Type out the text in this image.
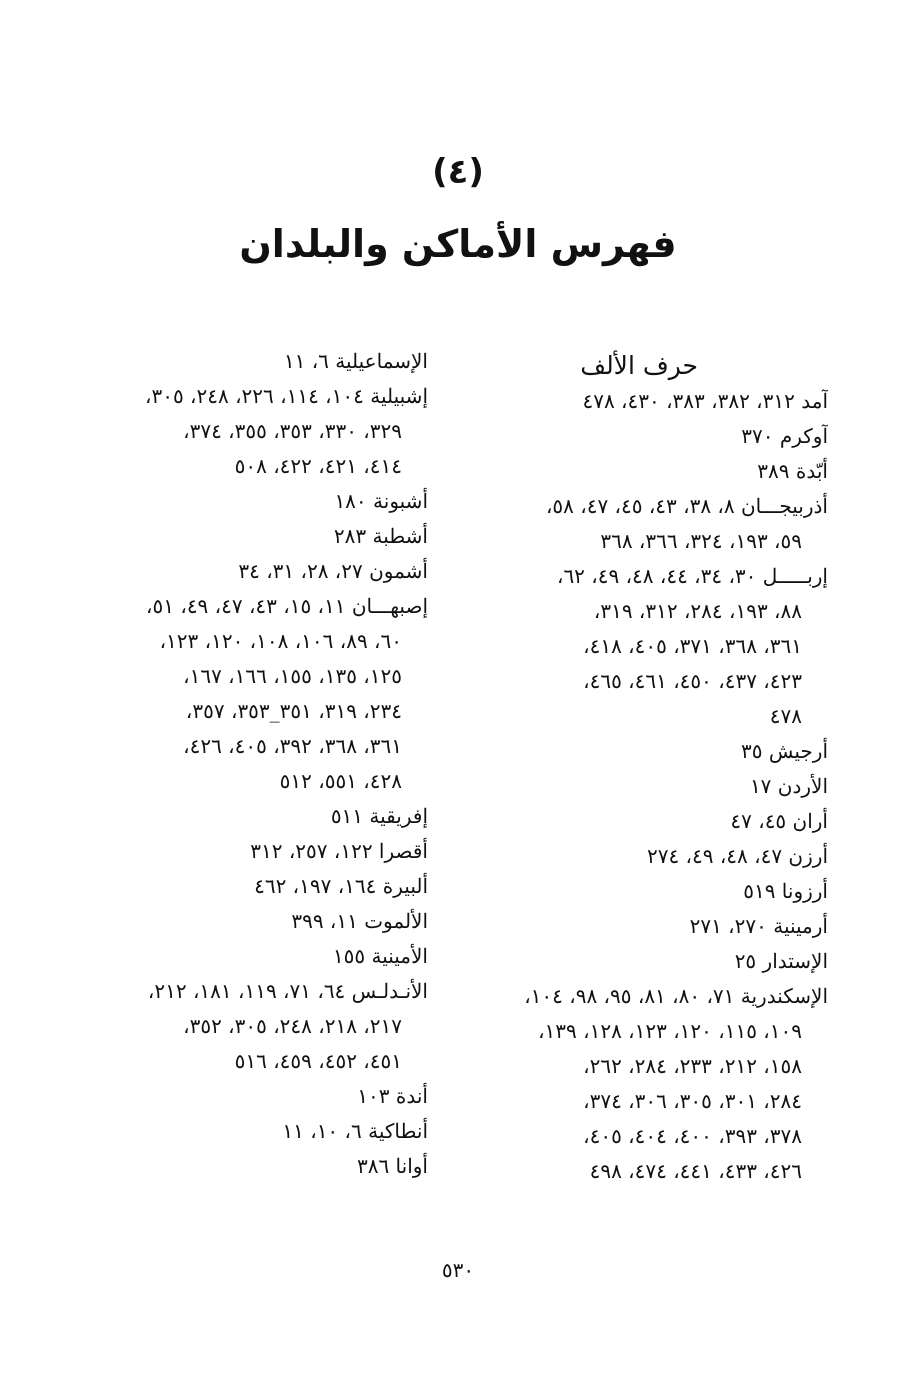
(٤)
فهرس الأماكن والبلدان
حرف الألف
آمد ٣١٢، ٣٨٢، ٣٨٣، ٤٣٠، ٤٧٨
آوكرم ٣٧٠
أبّدة ٣٨٩
أذربيجـــان ٨، ٣٨، ٤٣، ٤٥، ٤٧، ٥٨،
٥٩، ١٩٣، ٣٢٤، ٣٦٦، ٣٦٨
إربـــــل ٣٠، ٣٤، ٤٤، ٤٨، ٤٩، ٦٢،
٨٨، ١٩٣، ٢٨٤، ٣١٢، ٣١٩،
٣٦١، ٣٦٨، ٣٧١، ٤٠٥، ٤١٨،
٤٢٣، ٤٣٧، ٤٥٠، ٤٦١، ٤٦٥،
٤٧٨
أرجيش ٣٥
الأردن ١٧
أران ٤٥، ٤٧
أرزن ٤٧، ٤٨، ٤٩، ٢٧٤
أرزونا ٥١٩
أرمينية ٢٧٠، ٢٧١
الإستدار ٢٥
الإسكندرية ٧١، ٨٠، ٨١، ٩٥، ٩٨، ١٠٤،
١٠٩، ١١٥، ١٢٠، ١٢٣، ١٢٨، ١٣٩،
١٥٨، ٢١٢، ٢٣٣، ٢٨٤، ٢٦٢،
٢٨٤، ٣٠١، ٣٠٥، ٣٠٦، ٣٧٤،
٣٧٨، ٣٩٣، ٤٠٠، ٤٠٤، ٤٠٥،
٤٢٦، ٤٣٣، ٤٤١، ٤٧٤، ٤٩٨
الإسماعيلية ٦، ١١
إشبيلية ١٠٤، ١١٤، ٢٢٦، ٢٤٨، ٣٠٥،
٣٢٩، ٣٣٠، ٣٥٣، ٣٥٥، ٣٧٤،
٤١٤، ٤٢١، ٤٢٢، ٥٠٨
أشبونة ١٨٠
أشطبة ٢٨٣
أشمون ٢٧، ٢٨، ٣١، ٣٤
إصبهـــان ١١، ١٥، ٤٣، ٤٧، ٤٩، ٥١،
٦٠، ٨٩، ١٠٦، ١٠٨، ١٢٠، ١٢٣،
١٢٥، ١٣٥، ١٥٥، ١٦٦، ١٦٧،
٢٣٤، ٣١٩، ٣٥١_٣٥٣، ٣٥٧،
٣٦١، ٣٦٨، ٣٩٢، ٤٠٥، ٤٢٦،
٤٢٨، ٥٥١، ٥١٢
إفريقية ٥١١
أقصرا ١٢٢، ٢٥٧، ٣١٢
ألبيرة ١٦٤، ١٩٧، ٤٦٢
الألموت ١١، ٣٩٩
الأمينية ١٥٥
الأنـدلـس ٦٤، ٧١، ١١٩، ١٨١، ٢١٢،
٢١٧، ٢١٨، ٢٤٨، ٣٠٥، ٣٥٢،
٤٥١، ٤٥٢، ٤٥٩، ٥١٦
أندة ١٠٣
أنطاكية ٦، ١٠، ١١
أوانا ٣٨٦
٥٣٠
